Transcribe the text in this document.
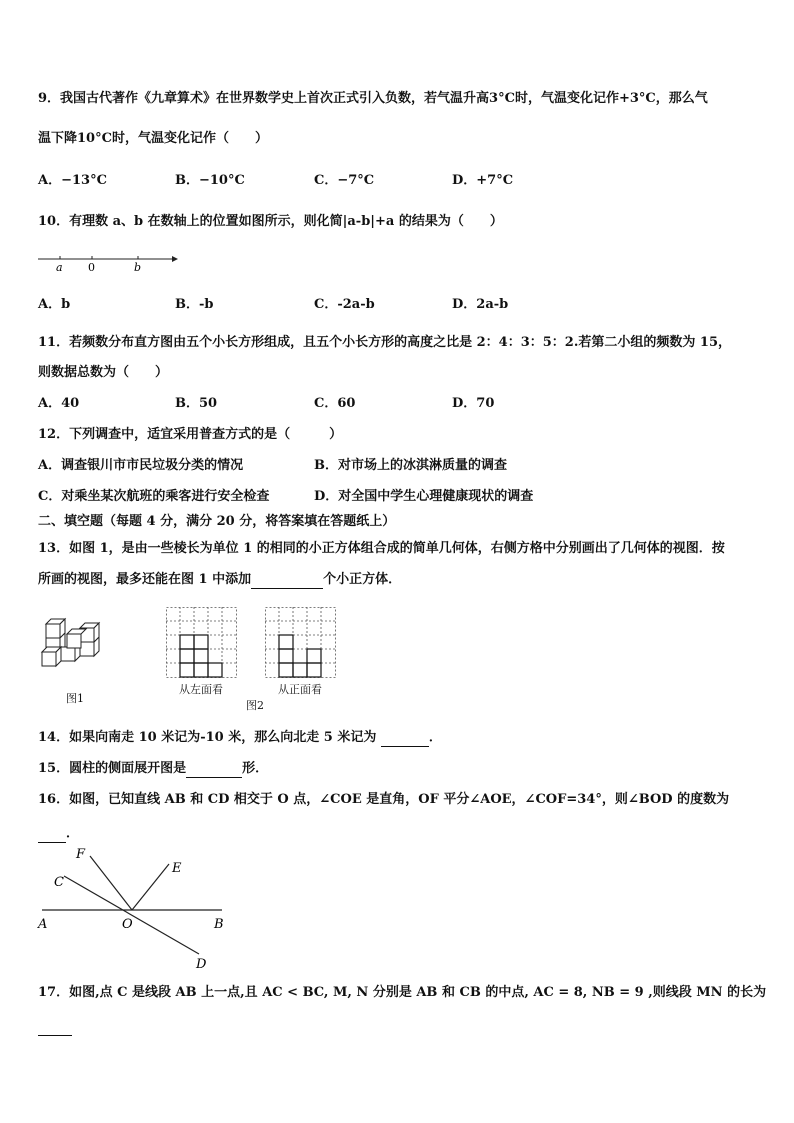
9．我国古代著作《九章算术》在世界数学史上首次正式引入负数，若气温升高3°C时，气温变化记作+3°C，那么气
温下降10°C时，气温变化记作（　　）
A．−13°C	B．−10°C	C．−7°C	D．+7°C
10．有理数 a、b 在数轴上的位置如图所示，则化简|a-b|+a 的结果为（　　）
a 0	b
A．b	B．-b	C．-2a-b	D．2a-b
11．若频数分布直方图由五个小长方形组成，且五个小长方形的高度之比是 2：4：3：5：2.若第二小组的频数为 15，
则数据总数为（　　）
A．40	B．50	C．60	D．70
12．下列调查中，适宜采用普查方式的是（　　　）
A．调查银川市市民垃圾分类的情况	B．对市场上的冰淇淋质量的调查
C．对乘坐某次航班的乘客进行安全检查	D．对全国中学生心理健康现状的调查
二、填空题（每题 4 分，满分 20 分，将答案填在答题纸上）
13．如图 1，是由一些棱长为单位 1 的相同的小正方体组合成的简单几何体，右侧方格中分别画出了几何体的视图．按
所画的视图，最多还能在图 1 中添加	个小正方体．
图1
从左面看	从正面看
图2
14．如果向南走 10 米记为-10 米，那么向北走 5 米记为	．
15．圆柱的侧面展开图是	形．
16．如图，已知直线 AB 和 CD 相交于 O 点，∠COE 是直角，OF 平分∠AOE，∠COF=34°，则∠BOD 的度数为
．
F
C
E
A	O	B
D
17．如图,点 C 是线段 AB 上一点,且 AC < BC, M, N 分别是 AB 和 CB 的中点, AC = 8, NB = 9 ,则线段 MN 的长为
